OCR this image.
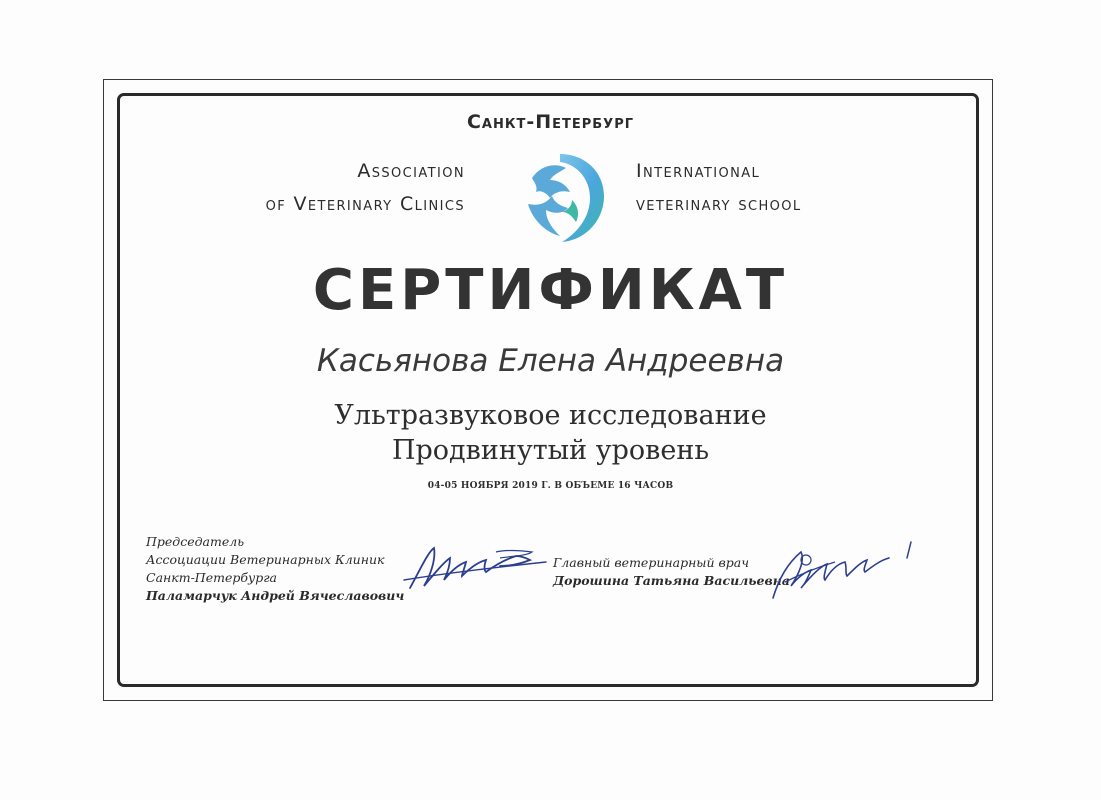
Санкт-Петербург
Association
of Veterinary Clinics
International
veterinary school
СЕРТИФИКАТ
Касьянова Елена Андреевна
Ультразвуковое исследование
Продвинутый уровень
04-05 НОЯБРЯ 2019 Г. В ОБЪЕМЕ 16 ЧАСОВ
Председатель
Ассоциации Ветеринарных Клиник
Санкт-Петербурга
Паламарчук Андрей Вячеславович
Главный ветеринарный врач
Дорошина Татьяна Васильевна
